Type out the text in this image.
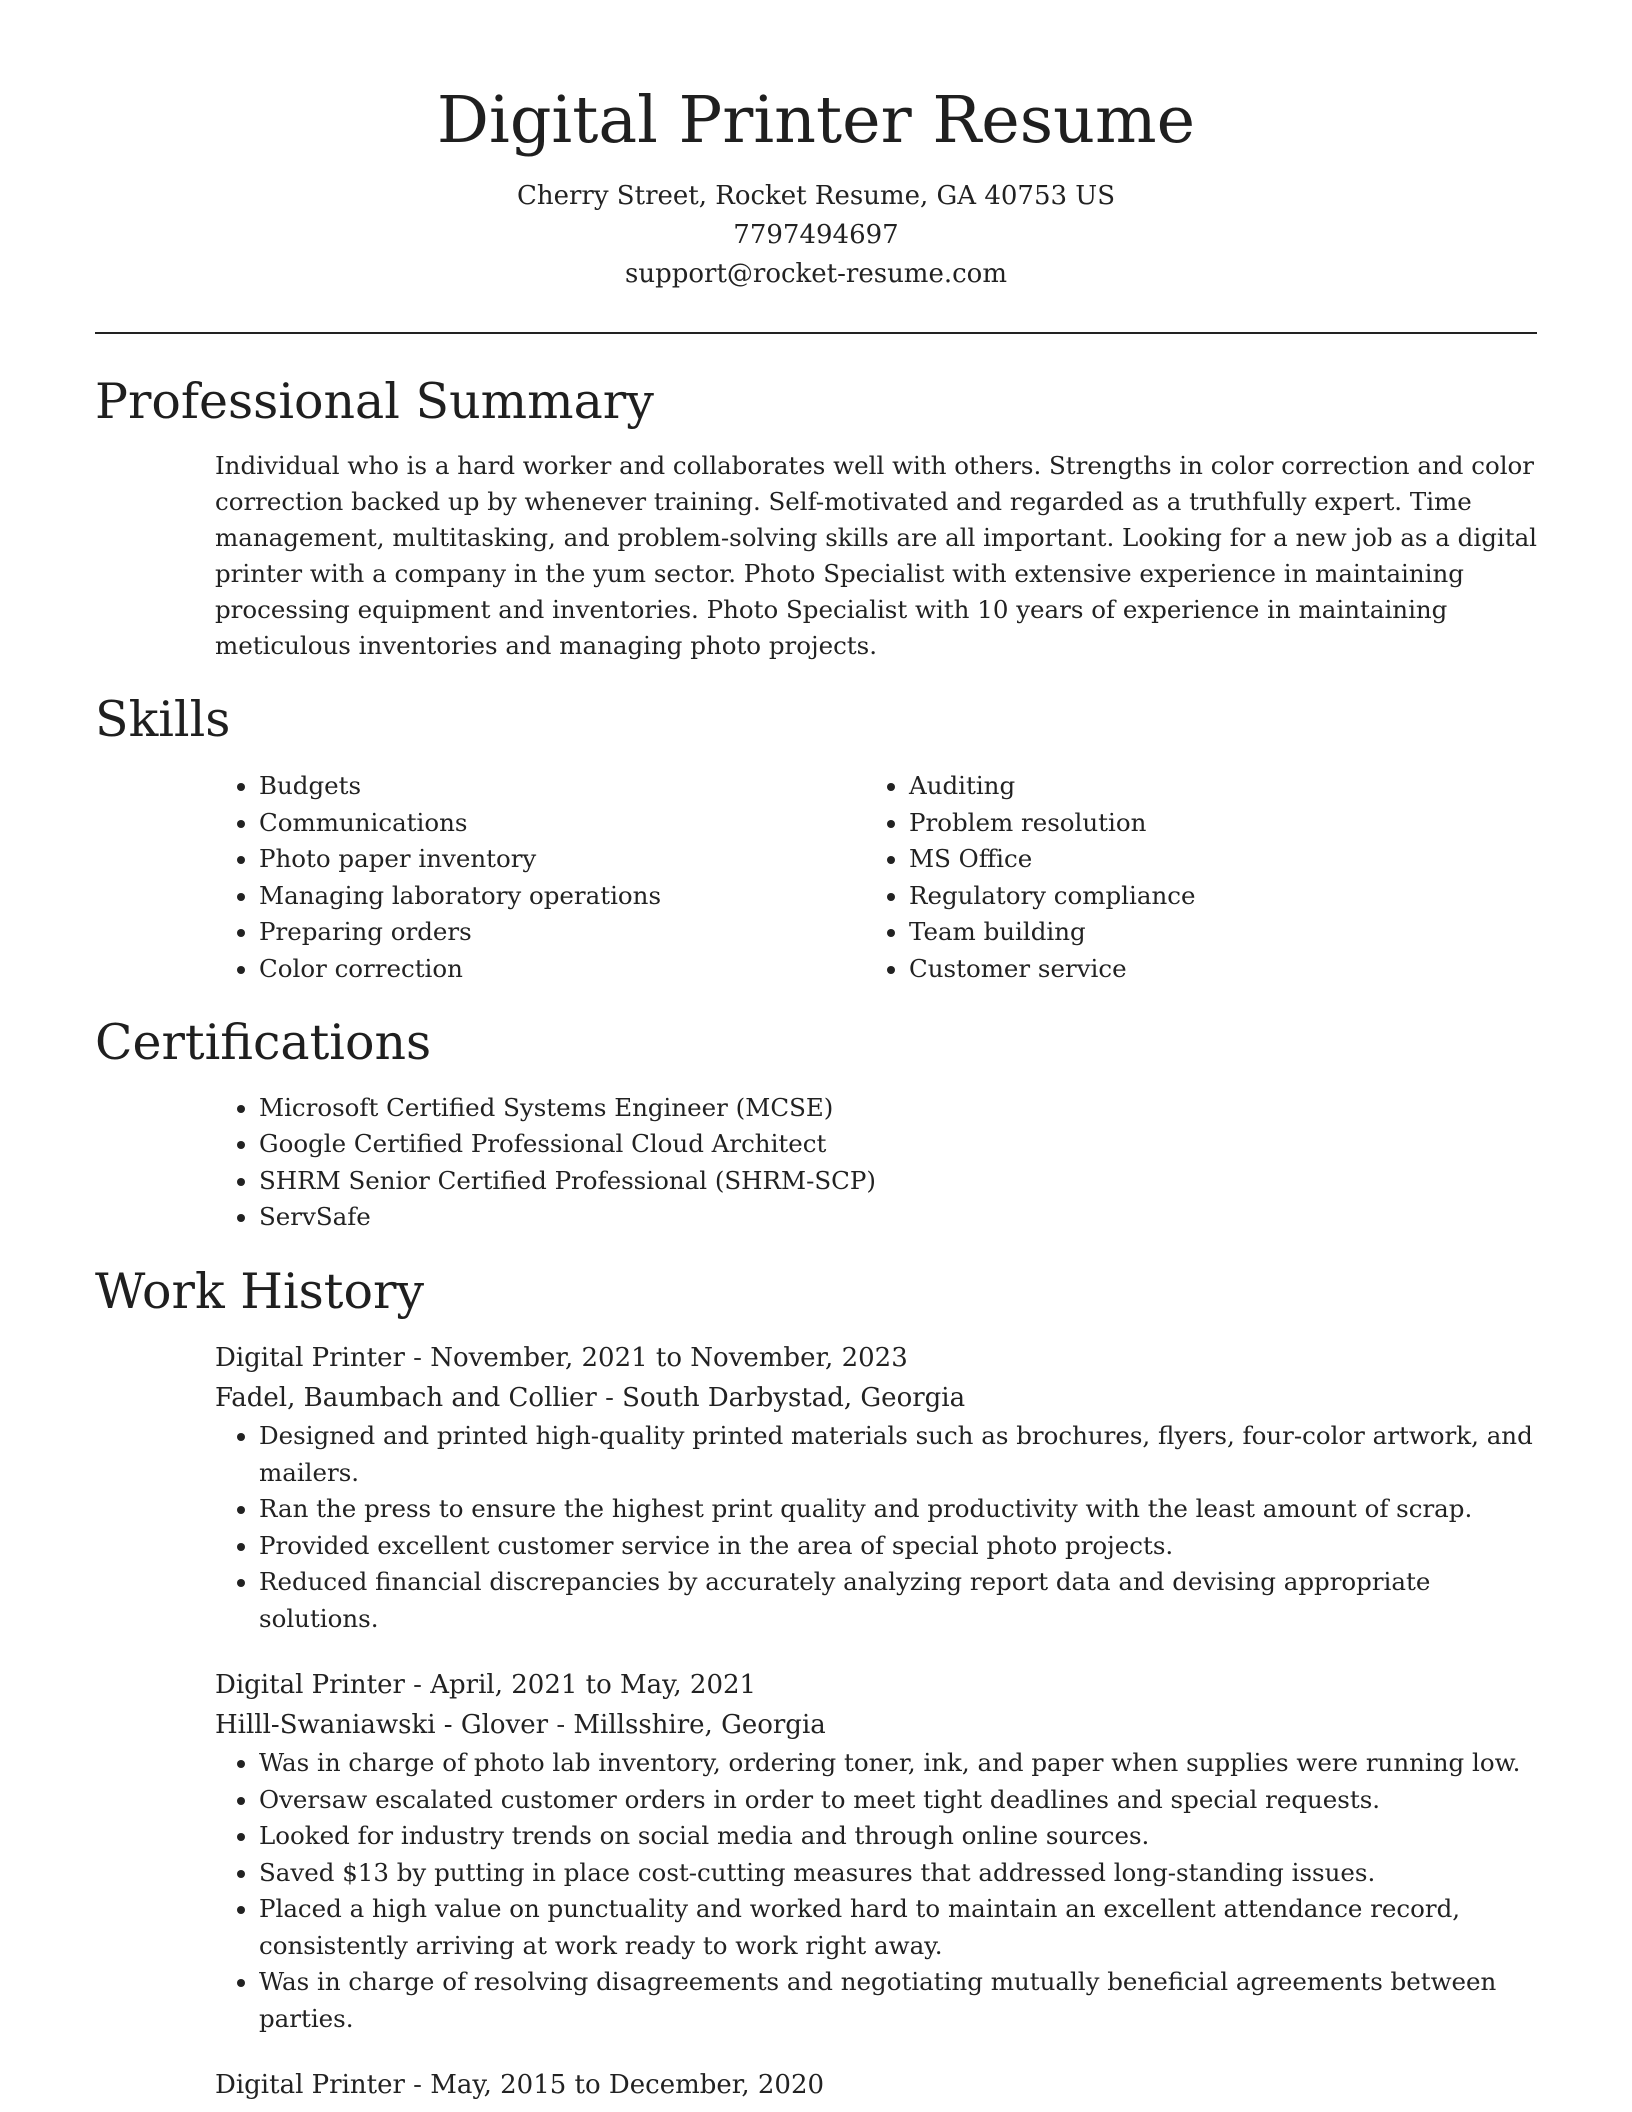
Digital Printer Resume
Cherry Street, Rocket Resume, GA 40753 US
7797494697
support@rocket-resume.com
Professional Summary

Individual who is a hard worker and collaborates well with others. Strengths in color correction and color correction backed up by whenever training. Self-motivated and regarded as a truthfully expert. Time management, multitasking, and problem-solving skills are all important. Looking for a new job as a digital printer with a company in the yum sector. Photo Specialist with extensive experience in maintaining processing equipment and inventories. Photo Specialist with 10 years of experience in maintaining meticulous inventories and managing photo projects.

Skills
• Budgets
• Communications
• Photo paper inventory
• Managing laboratory operations
• Preparing orders
• Color correction
• Auditing
• Problem resolution
• MS Office
• Regulatory compliance
• Team building
• Customer service
Certifications
• Microsoft Certified Systems Engineer (MCSE)
• Google Certified Professional Cloud Architect
• SHRM Senior Certified Professional (SHRM-SCP)
• ServSafe
Work History
Digital Printer - November, 2021 to November, 2023
Fadel, Baumbach and Collier - South Darbystad, Georgia
• Designed and printed high-quality printed materials such as brochures, flyers, four-color artwork, and mailers.
• Ran the press to ensure the highest print quality and productivity with the least amount of scrap.
• Provided excellent customer service in the area of special photo projects.
• Reduced financial discrepancies by accurately analyzing report data and devising appropriate solutions.
Digital Printer - April, 2021 to May, 2021
Hilll-Swaniawski - Glover - Millsshire, Georgia
• Was in charge of photo lab inventory, ordering toner, ink, and paper when supplies were running low.
• Oversaw escalated customer orders in order to meet tight deadlines and special requests.
• Looked for industry trends on social media and through online sources.
• Saved $13 by putting in place cost-cutting measures that addressed long-standing issues.
• Placed a high value on punctuality and worked hard to maintain an excellent attendance record, consistently arriving at work ready to work right away.
• Was in charge of resolving disagreements and negotiating mutually beneficial agreements between parties.
Digital Printer - May, 2015 to December, 2020
